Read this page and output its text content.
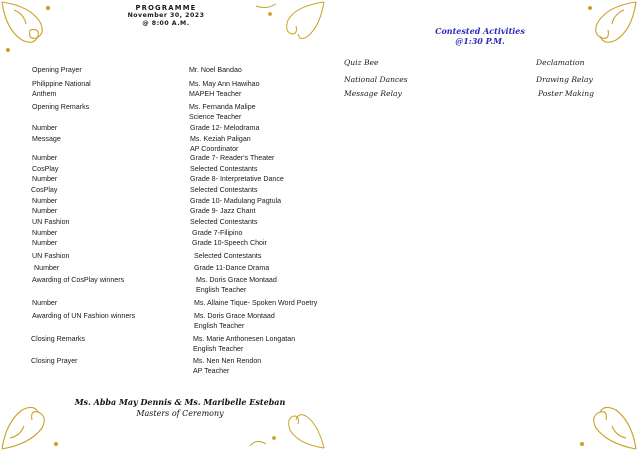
PROGRAMME
November 30, 2023
@ 8:00 A.M.
Opening Prayer	Mr. Noel Bandao
Philippine National	Ms. May Ann Hawihao
Anthem	MAPEH Teacher
Opening Remarks	Ms. Fernanda Malipe
Science Teacher
Number	Grade 12- Melodrama
Message	Ms. Keziah Paligan
AP Coordinator
Number	Grade 7- Reader's Theater
CosPlay	Selected Contestants
Number	Grade 8- Interpretative Dance
CosPlay	Selected Contestants
Number	Grade 10- Madulang Pagtula
Number	Grade 9- Jazz Chant
UN Fashion	Selected Contestants
Number	Grade 7-Filipino
Number	Grade 10-Speech Choir
UN Fashion	Selected Contestants
Number	Grade 11-Dance Drama
Awarding of CosPlay winners	Ms. Doris Grace Montaad
English Teacher
Number	Ms. Allaine Tique- Spoken Word Poetry
Awarding of UN Fashion winners	Ms. Doris Grace Montaad
English Teacher
Closing Remarks	Ms. Marie Anthonesen Longatan
English Teacher
Closing Prayer	Ms. Nen Nen Rendon
AP Teacher
Ms. Abba May Dennis & Ms. Maribelle Esteban
Masters of Ceremony
Contested Activities
@1:30 P.M.
Quiz Bee	Declamation
National Dances	Drawing Relay
Message Relay	Poster Making
